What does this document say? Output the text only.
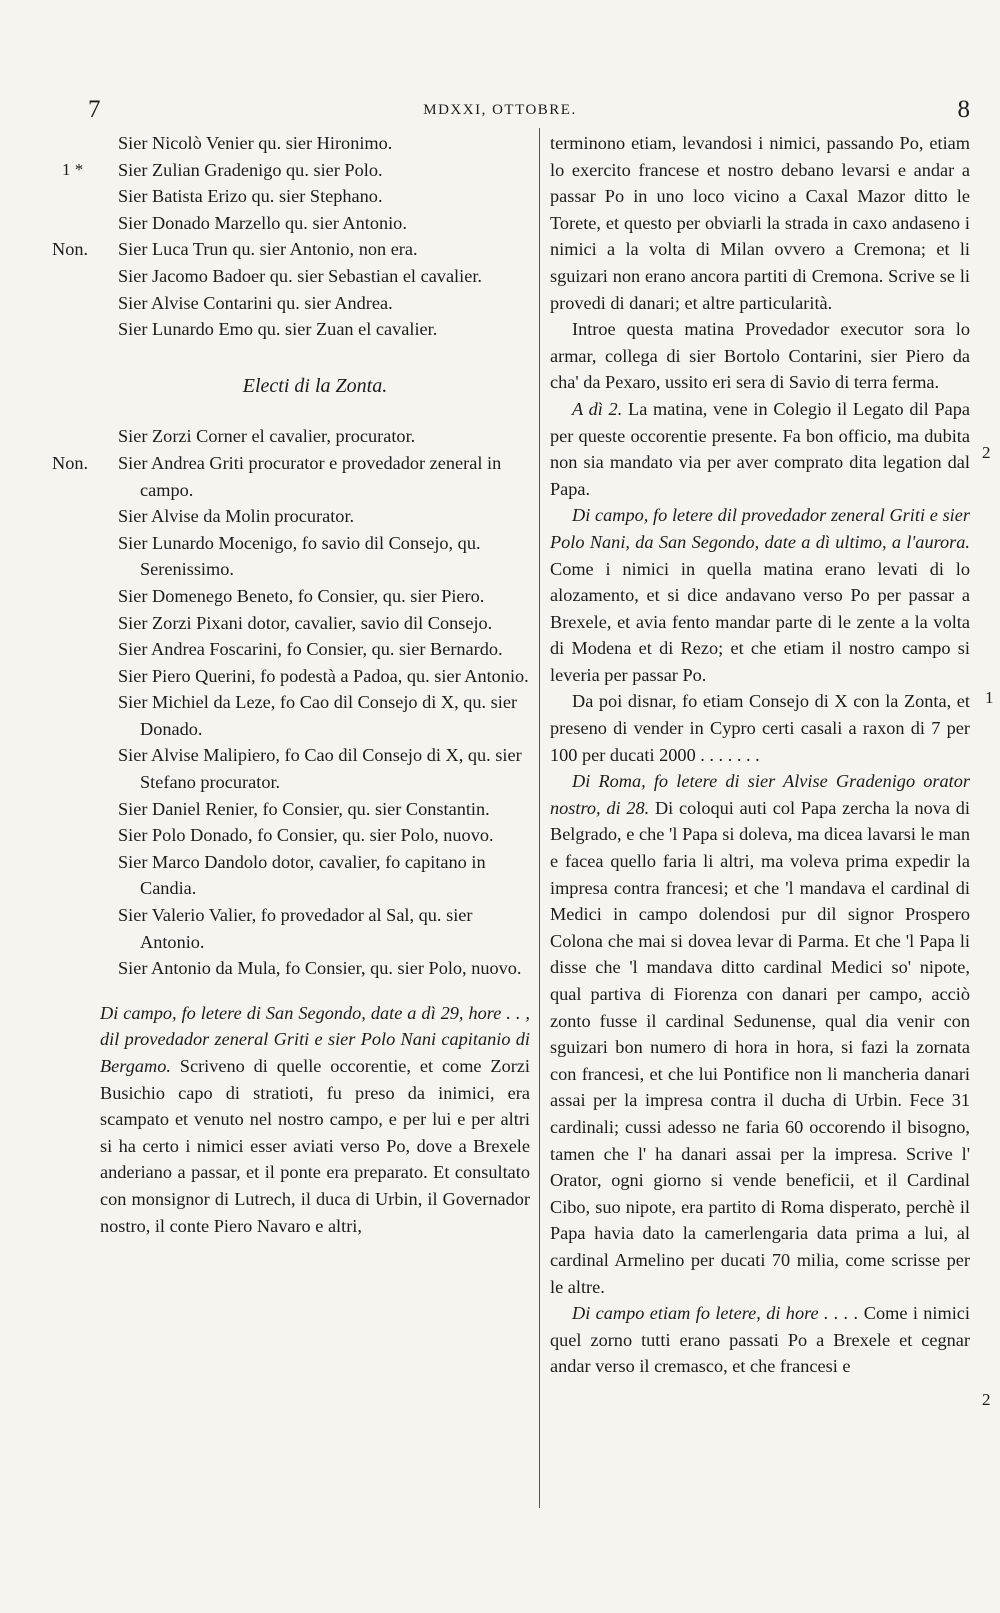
7	MDXXI, OTTOBRE.	8
1 *
2
1
2

Sier Nicolò Venier qu. sier Hironimo.

Sier Zulian Gradenigo qu. sier Polo.

Sier Batista Erizo qu. sier Stephano.

Sier Donado Marzello qu. sier Antonio.

Non. Sier Luca Trun qu. sier Antonio, non era.

Sier Jacomo Badoer qu. sier Sebastian el cavalier.

Sier Alvise Contarini qu. sier Andrea.

Sier Lunardo Emo qu. sier Zuan el cavalier.

Electi di la Zonta.

Sier Zorzi Corner el cavalier, procurator.

Non. Sier Andrea Griti procurator e provedador zeneral in campo.

Sier Alvise da Molin procurator.

Sier Lunardo Mocenigo, fo savio dil Consejo, qu. Serenissimo.

Sier Domenego Beneto, fo Consier, qu. sier Piero.

Sier Zorzi Pixani dotor, cavalier, savio dil Consejo.

Sier Andrea Foscarini, fo Consier, qu. sier Bernardo.

Sier Piero Querini, fo podestà a Padoa, qu. sier Antonio.

Sier Michiel da Leze, fo Cao dil Consejo di X, qu. sier Donado.

Sier Alvise Malipiero, fo Cao dil Consejo di X, qu. sier Stefano procurator.

Sier Daniel Renier, fo Consier, qu. sier Constantin.

Sier Polo Donado, fo Consier, qu. sier Polo, nuovo.

Sier Marco Dandolo dotor, cavalier, fo capitano in Candia.

Sier Valerio Valier, fo provedador al Sal, qu. sier Antonio.

Sier Antonio da Mula, fo Consier, qu. sier Polo, nuovo.

Di campo, fo letere di San Segondo, date a dì 29, hore . . , dil provedador zeneral Griti e sier Polo Nani capitanio di Bergamo. Scriveno di quelle occorentie, et come Zorzi Busichio capo di stratioti, fu preso da inimici, era scampato et venuto nel nostro campo, e per lui e per altri si ha certo i nimici esser aviati verso Po, dove a Brexele anderiano a passar, et il ponte era preparato. Et consultato con monsignor di Lutrech, il duca di Urbin, il Governador nostro, il conte Piero Navaro e altri,

terminono etiam, levandosi i nimici, passando Po, etiam lo exercito francese et nostro debano levarsi e andar a passar Po in uno loco vicino a Caxal Mazor ditto le Torete, et questo per obviarli la strada in caxo andaseno i nimici a la volta di Milan ovvero a Cremona; et li sguizari non erano ancora partiti di Cremona. Scrive se li provedi di danari; et altre particularità.

Introe questa matina Provedador executor sora lo armar, collega di sier Bortolo Contarini, sier Piero da cha' da Pexaro, ussito eri sera di Savio di terra ferma.

A dì 2. La matina, vene in Colegio il Legato dil Papa per queste occorentie presente. Fa bon officio, ma dubita non sia mandato via per aver comprato dita legation dal Papa.

Di campo, fo letere dil provedador zeneral Griti e sier Polo Nani, da San Segondo, date a dì ultimo, a l'aurora. Come i nimici in quella matina erano levati di lo alozamento, et si dice andavano verso Po per passar a Brexele, et avia fento mandar parte di le zente a la volta di Modena et di Rezo; et che etiam il nostro campo si leveria per passar Po.

Da poi disnar, fo etiam Consejo di X con la Zonta, et preseno di vender in Cypro certi casali a raxon di 7 per 100 per ducati 2000 . . . . . . .

Di Roma, fo letere di sier Alvise Gradenigo orator nostro, di 28. Di coloqui auti col Papa zercha la nova di Belgrado, e che 'l Papa si doleva, ma dicea lavarsi le man e facea quello faria li altri, ma voleva prima expedir la impresa contra francesi; et che 'l mandava el cardinal di Medici in campo dolendosi pur dil signor Prospero Colona che mai si dovea levar di Parma. Et che 'l Papa li disse che 'l mandava ditto cardinal Medici so' nipote, qual partiva di Fiorenza con danari per campo, acciò zonto fusse il cardinal Sedunense, qual dia venir con sguizari bon numero di hora in hora, si fazi la zornata con francesi, et che lui Pontifice non li mancheria danari assai per la impresa contra il ducha di Urbin. Fece 31 cardinali; cussi adesso ne faria 60 occorendo il bisogno, tamen che l' ha danari assai per la impresa. Scrive l' Orator, ogni giorno si vende beneficii, et il Cardinal Cibo, suo nipote, era partito di Roma disperato, perchè il Papa havia dato la camerlengaria data prima a lui, al cardinal Armelino per ducati 70 milia, come scrisse per le altre.

Di campo etiam fo letere, di hore . . . . Come i nimici quel zorno tutti erano passati Po a Brexele et cegnar andar verso il cremasco, et che francesi e
